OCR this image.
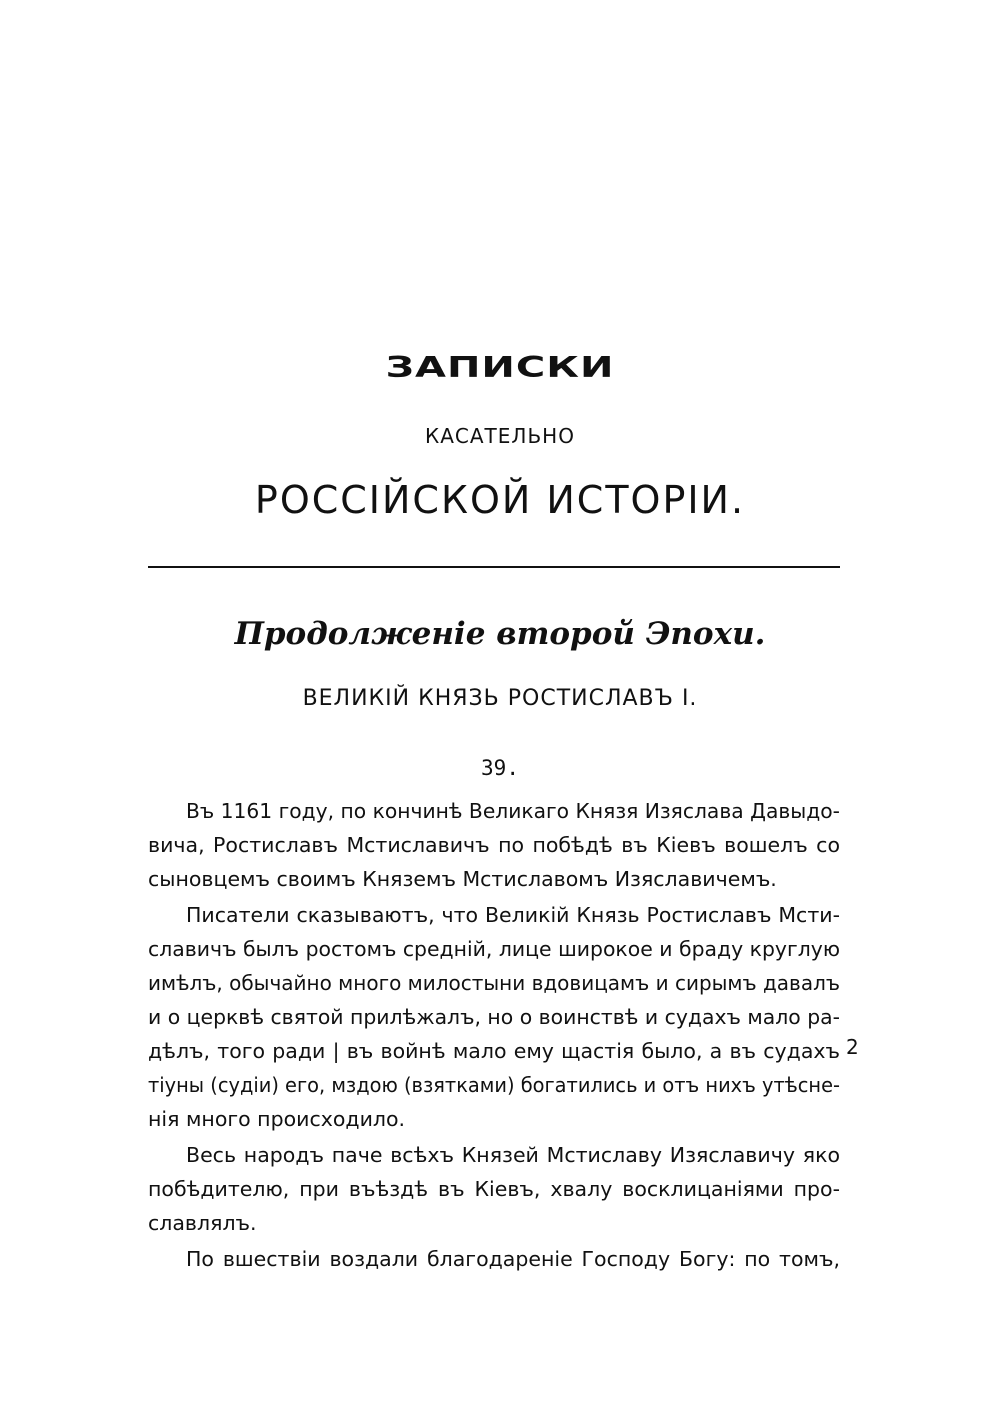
ЗАПИСКИ
КАСАТЕЛЬНО
РОССІЙСКОЙ ИСТОРІИ.
Продолженіе второй Эпохи.
ВЕЛИКІЙ КНЯЗЬ РОСТИСЛАВЪ І.
39.
Въ 1161 году, по кончинѣ Великаго Князя Изяслава Давыдо-
вича, Ростиславъ Мстиславичъ по побѣдѣ въ Кіевъ вошелъ со
сыновцемъ своимъ Княземъ Мстиславомъ Изяславичемъ.
Писатели сказываютъ, что Великій Князь Ростиславъ Мсти-
славичъ былъ ростомъ средній, лице широкое и браду круглую
имѣлъ, обычайно много милостыни вдовицамъ и сирымъ давалъ
и о церквѣ святой прилѣжалъ, но о воинствѣ и судахъ мало ра-
дѣлъ, того ради | въ войнѣ мало ему щастія было, а въ судахъ
тіуны (судіи) его, мздою (взятками) богатились и отъ нихъ утѣсне-
нія много происходило.
Весь народъ паче всѣхъ Князей Мстиславу Изяславичу яко
побѣдителю, при въѣздѣ въ Кіевъ, хвалу восклицаніями про-
славлялъ.
По вшествіи воздали благодареніе Господу Богу: по томъ,
2
